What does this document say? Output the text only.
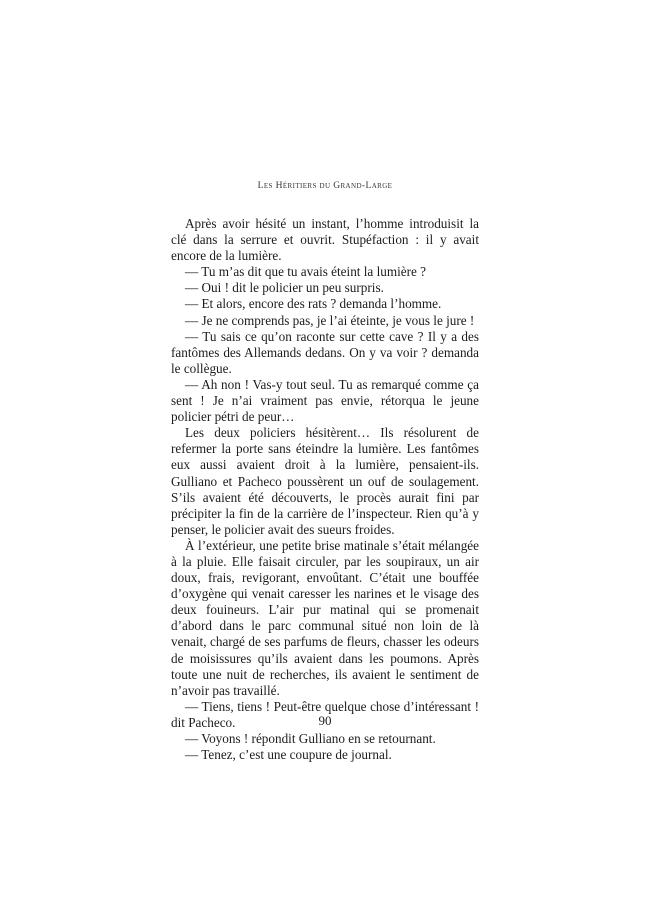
Les Héritiers du Grand-Large

Après avoir hésité un instant, l’homme introduisit la clé dans la serrure et ouvrit. Stupéfaction : il y avait encore de la lumière.

— Tu m’as dit que tu avais éteint la lumière ?

— Oui ! dit le policier un peu surpris.

— Et alors, encore des rats ? demanda l’homme.

— Je ne comprends pas, je l’ai éteinte, je vous le jure !

— Tu sais ce qu’on raconte sur cette cave ? Il y a des fantômes des Allemands dedans. On y va voir ? demanda le collègue.

— Ah non ! Vas-y tout seul. Tu as remarqué comme ça sent ! Je n’ai vraiment pas envie, rétorqua le jeune policier pétri de peur…

Les deux policiers hésitèrent… Ils résolurent de refermer la porte sans éteindre la lumière. Les fantômes eux aussi avaient droit à la lumière, pensaient-ils. Gulliano et Pacheco poussèrent un ouf de soulagement. S’ils avaient été découverts, le procès aurait fini par précipiter la fin de la carrière de l’inspecteur. Rien qu’à y penser, le policier avait des sueurs froides.

À l’extérieur, une petite brise matinale s’était mélangée à la pluie. Elle faisait circuler, par les soupiraux, un air doux, frais, revigorant, envoûtant. C’était une bouffée d’oxygène qui venait caresser les narines et le visage des deux fouineurs. L’air pur matinal qui se promenait d’abord dans le parc communal situé non loin de là venait, chargé de ses parfums de fleurs, chasser les odeurs de moisissures qu’ils avaient dans les poumons. Après toute une nuit de recherches, ils avaient le sentiment de n’avoir pas travaillé.

— Tiens, tiens ! Peut-être quelque chose d’intéressant ! dit Pacheco.

— Voyons ! répondit Gulliano en se retournant.

— Tenez, c’est une coupure de journal.

90
